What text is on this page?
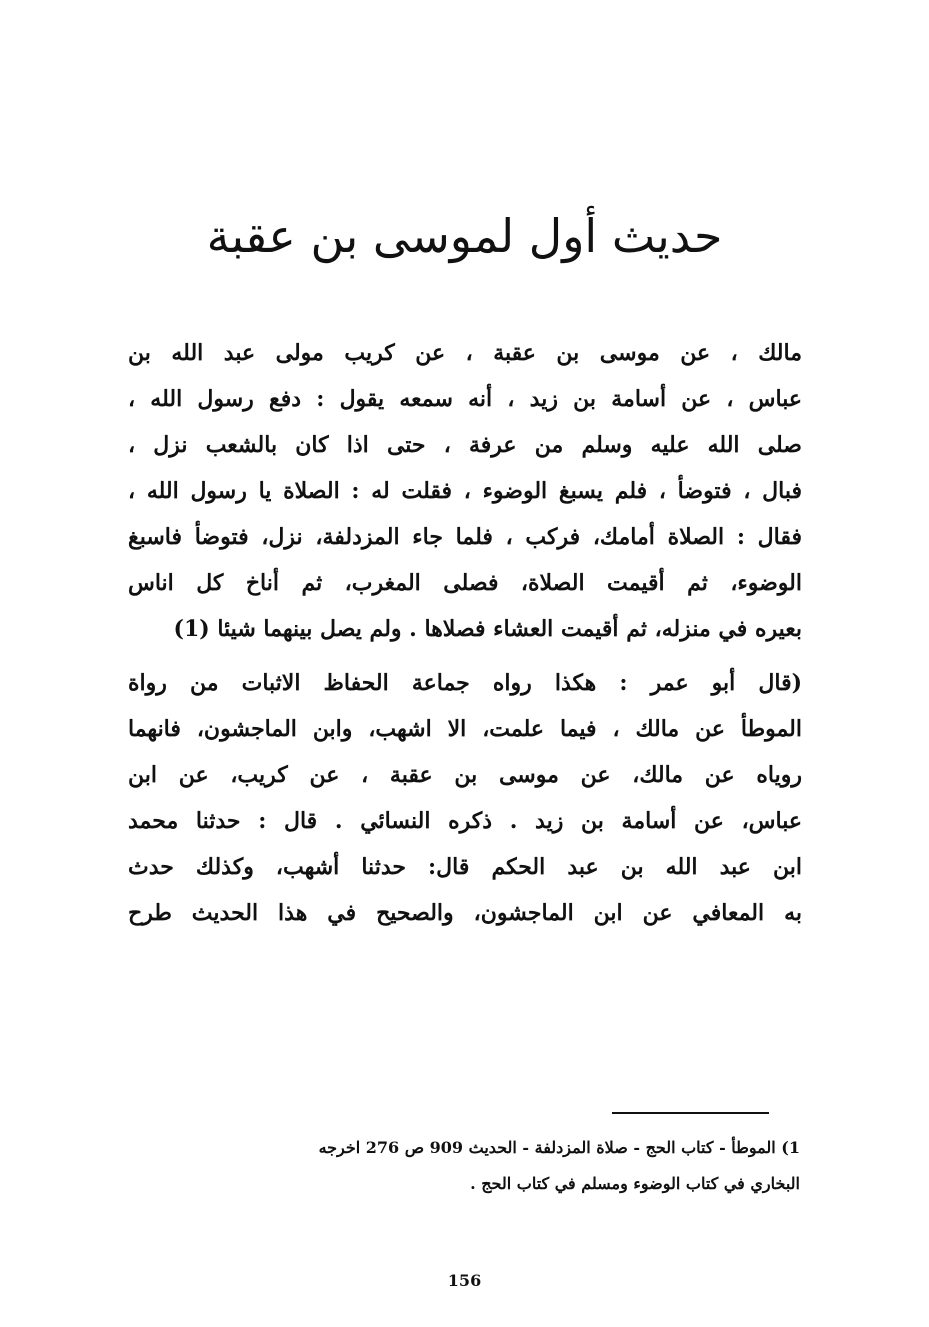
حديث أول لموسى بن عقبة
مالك ، عن موسى بن عقبة ، عن كريب مولى عبد الله بن
عباس ، عن أسامة بن زيد ، أنه سمعه يقول : دفع رسول الله ،
صلى الله عليه وسلم من عرفة ، حتى اذا كان بالشعب نزل ،
فبال ، فتوضأ ، فلم يسبغ الوضوء ، فقلت له : الصلاة يا رسول الله ،
فقال : الصلاة أمامك، فركب ، فلما جاء المزدلفة، نزل، فتوضأ فاسبغ
الوضوء، ثم أقيمت الصلاة، فصلى المغرب، ثم أناخ كل اناس
بعيره في منزله، ثم أقيمت العشاء فصلاها . ولم يصل بينهما شيئا (1)
(قال أبو عمر : هكذا رواه جماعة الحفاظ الاثبات من رواة
الموطأ عن مالك ، فيما علمت، الا اشهب، وابن الماجشون، فانهما
روياه عن مالك، عن موسى بن عقبة ، عن كريب، عن ابن
عباس، عن أسامة بن زيد . ذكره النسائي . قال : حدثنا محمد
ابن عبد الله بن عبد الحكم قال: حدثنا أشهب، وكذلك حدث
به المعافي عن ابن الماجشون، والصحيح في هذا الحديث طرح
1) الموطأ - كتاب الحج - صلاة المزدلفة - الحديث 909 ص 276 اخرجه
البخاري في كتاب الوضوء ومسلم في كتاب الحج .
156
